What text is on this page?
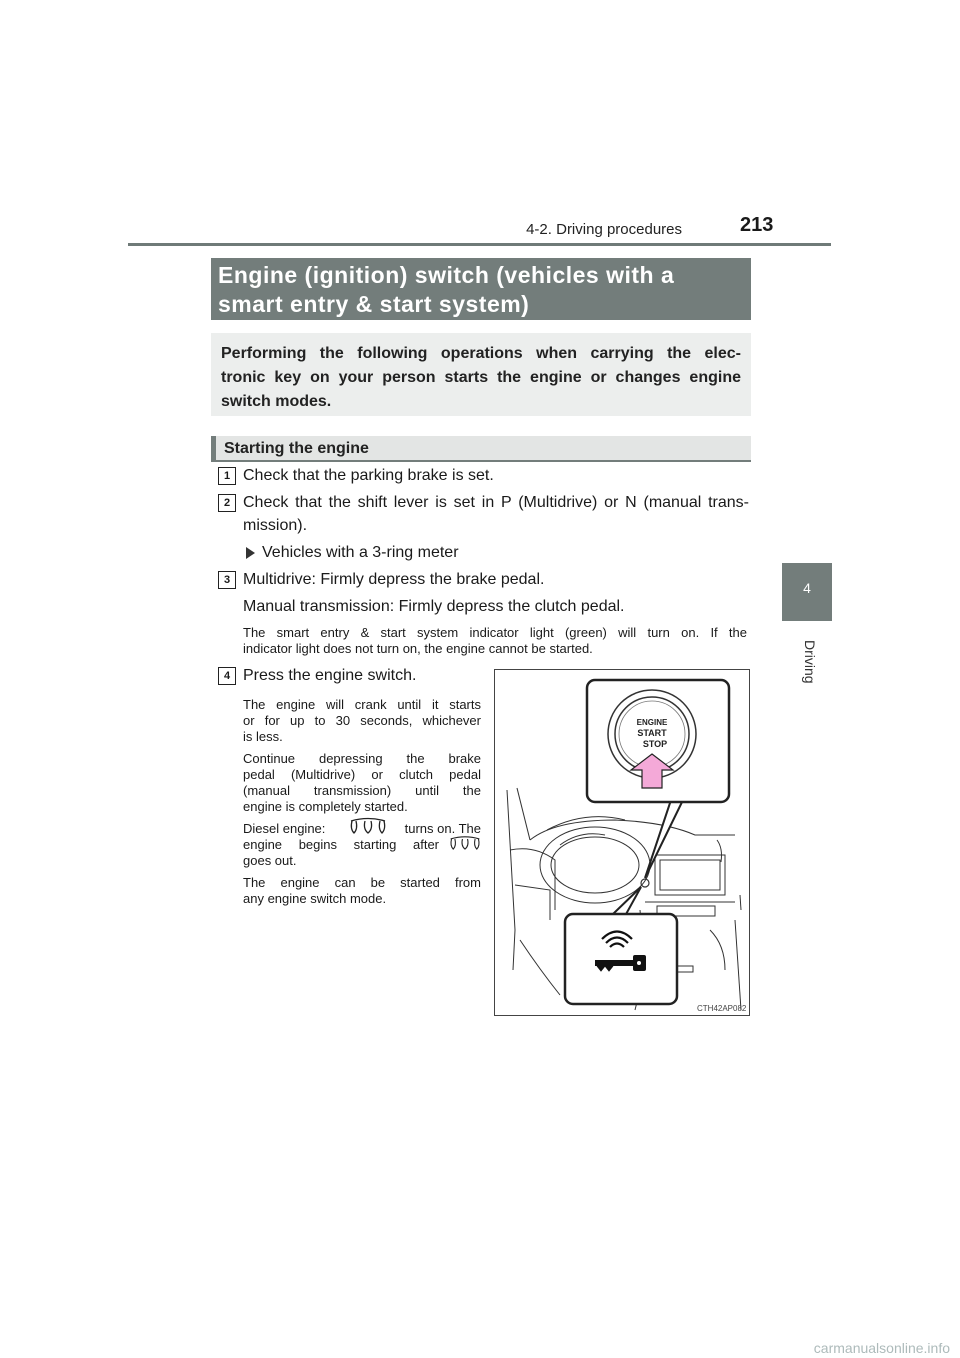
4-2. Driving procedures	213
4
Driving
Engine (ignition) switch (vehicles with a
smart entry & start system)
Performing the following operations when carrying the elec-
tronic key on your person starts the engine or changes engine
switch modes.
Starting the engine
1 Check that the parking brake is set.
2 Check that the shift lever is set in P (Multidrive) or N (manual trans-
mission).
Vehicles with a 3-ring meter
3 Multidrive: Firmly depress the brake pedal.
Manual transmission: Firmly depress the clutch pedal.
The smart entry & start system indicator light (green) will turn on. If the
indicator light does not turn on, the engine cannot be started.
4 Press the engine switch.
The engine will crank until it starts
or for up to 30 seconds, whichever
is less.
Continue depressing the brake
pedal (Multidrive) or clutch pedal
(manual transmission) until the
engine is completely started.
Diesel engine:	turns on. The
engine begins starting after
goes out.
The engine can be started from
any engine switch mode.
ENGINE
START
STOP
CTH42AP082
carmanualsonline.info
